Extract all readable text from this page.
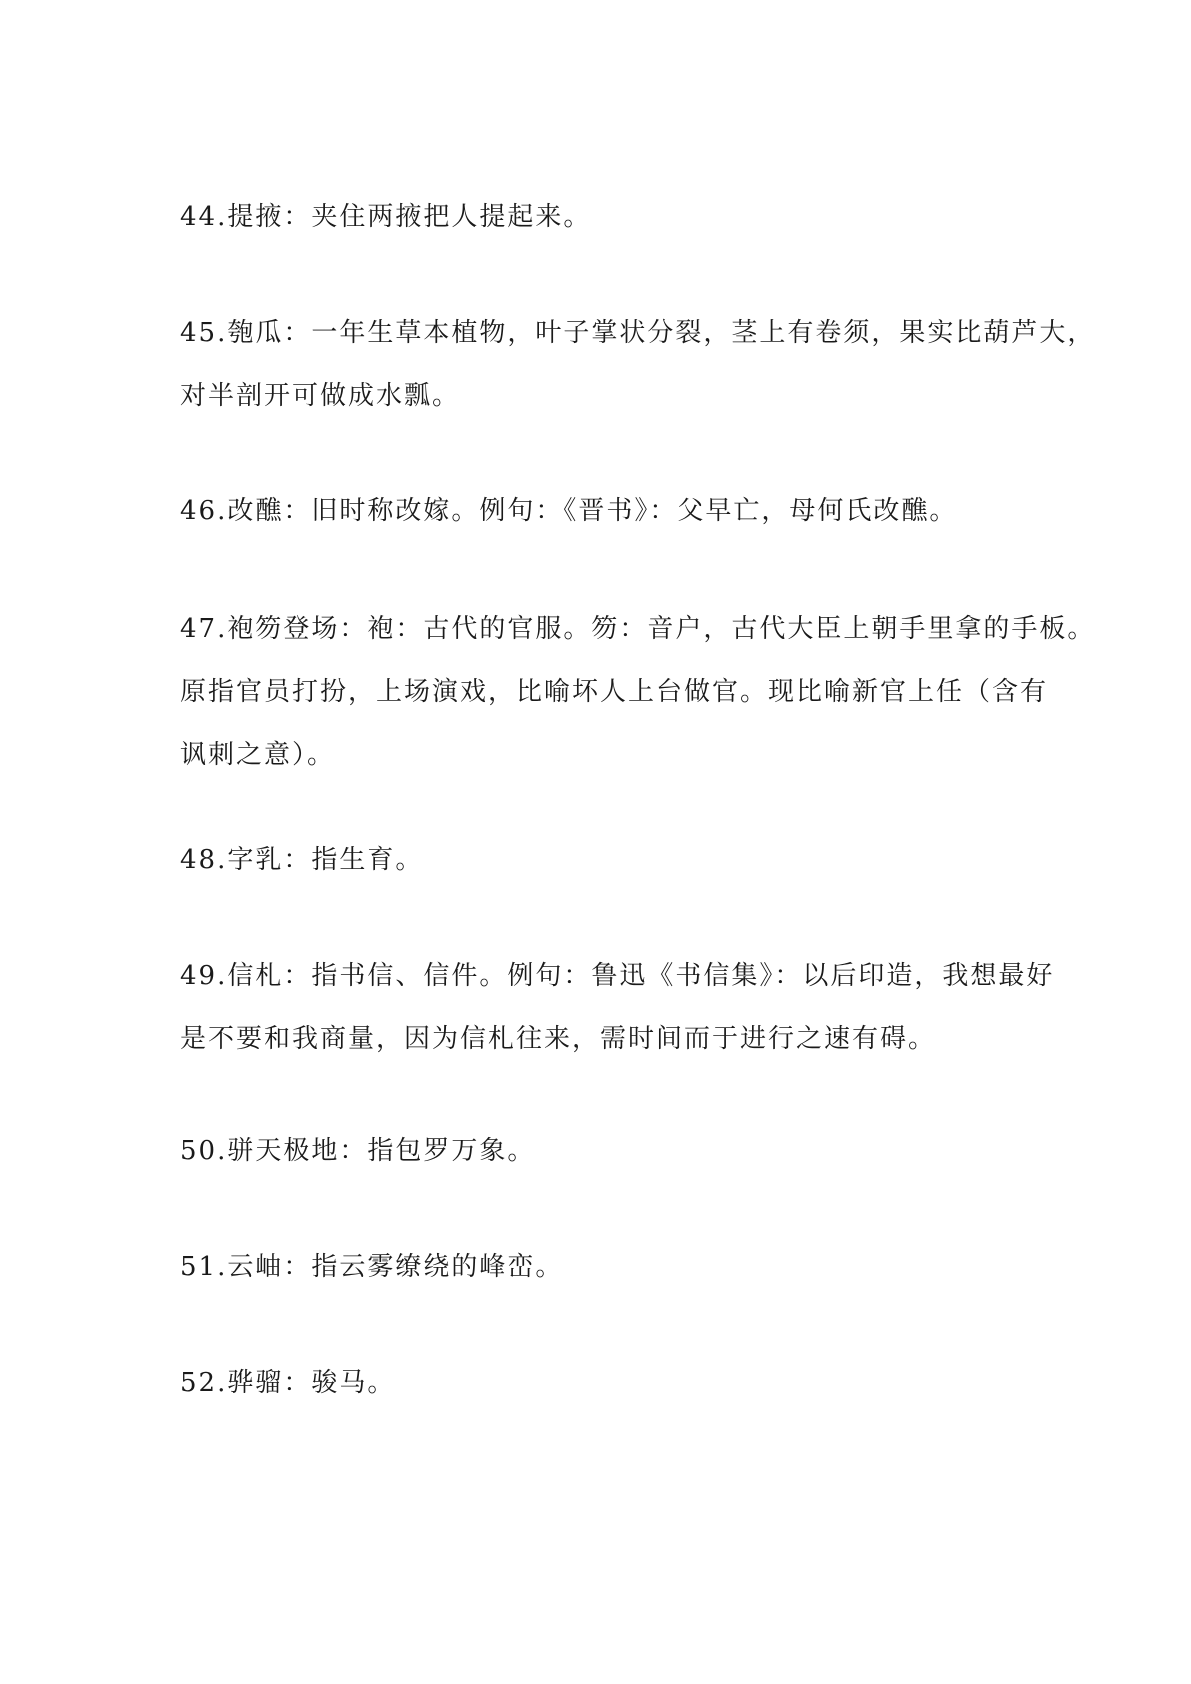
44.提掖：夹住两掖把人提起来。

45.匏瓜：一年生草本植物，叶子掌状分裂，茎上有卷须，果实比葫芦大，
对半剖开可做成水瓢。

46.改醮：旧时称改嫁。例句：《晋书》：父早亡，母何氏改醮。

47.袍笏登场：袍：古代的官服。笏：音户，古代大臣上朝手里拿的手板。
原指官员打扮，上场演戏，比喻坏人上台做官。现比喻新官上任（含有
讽刺之意）。

48.字乳：指生育。

49.信札：指书信、信件。例句：鲁迅《书信集》：以后印造，我想最好
是不要和我商量，因为信札往来，需时间而于进行之速有碍。

50.骈天极地：指包罗万象。

51.云岫：指云雾缭绕的峰峦。

52.骅骝：骏马。
